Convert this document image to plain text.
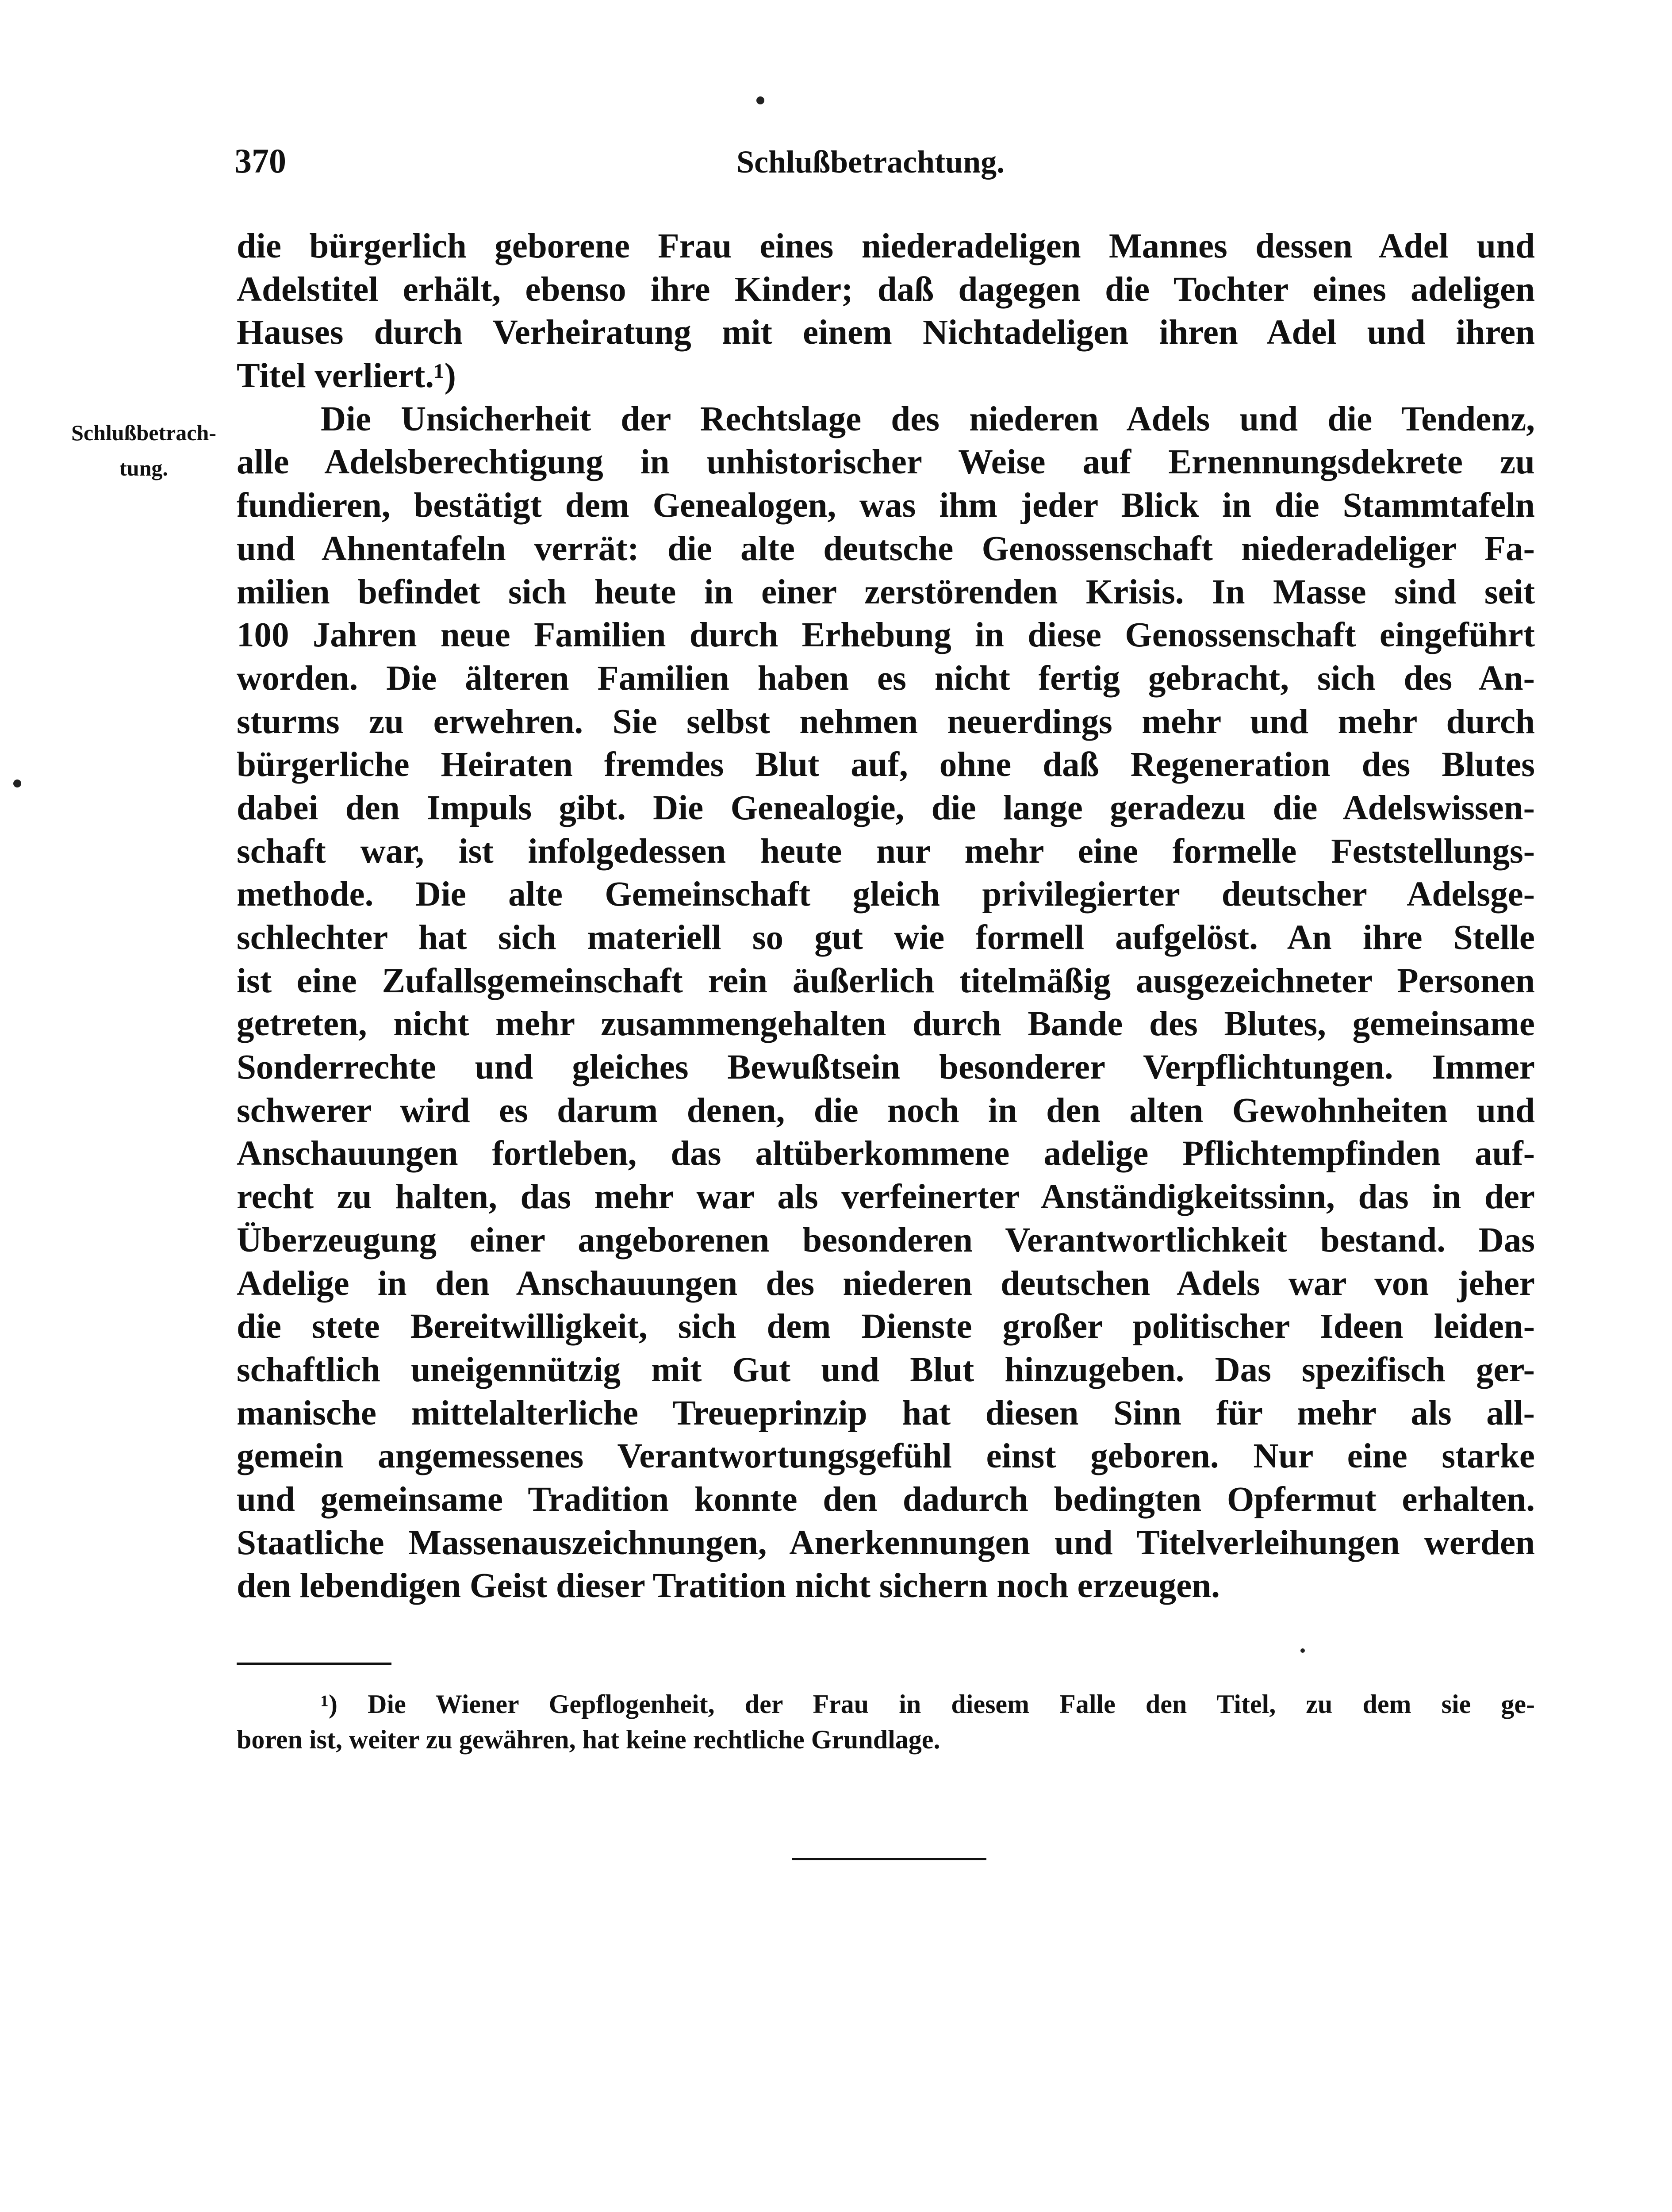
370	Schlußbetrachtung.
Schlußbetrach-
tung.
die bürgerlich geborene Frau eines niederadeligen Mannes dessen Adel und
Adelstitel erhält, ebenso ihre Kinder; daß dagegen die Tochter eines adeligen
Hauses durch Verheiratung mit einem Nichtadeligen ihren Adel und ihren
Titel verliert.¹)
Die Unsicherheit der Rechtslage des niederen Adels und die Tendenz,
alle Adelsberechtigung in unhistorischer Weise auf Ernennungsdekrete zu
fundieren, bestätigt dem Genealogen, was ihm jeder Blick in die Stammtafeln
und Ahnentafeln verrät: die alte deutsche Genossenschaft niederadeliger Fa-
milien befindet sich heute in einer zerstörenden Krisis. In Masse sind seit
100 Jahren neue Familien durch Erhebung in diese Genossenschaft eingeführt
worden. Die älteren Familien haben es nicht fertig gebracht, sich des An-
sturms zu erwehren. Sie selbst nehmen neuerdings mehr und mehr durch
bürgerliche Heiraten fremdes Blut auf, ohne daß Regeneration des Blutes
dabei den Impuls gibt. Die Genealogie, die lange geradezu die Adelswissen-
schaft war, ist infolgedessen heute nur mehr eine formelle Feststellungs-
methode. Die alte Gemeinschaft gleich privilegierter deutscher Adelsge-
schlechter hat sich materiell so gut wie formell aufgelöst. An ihre Stelle
ist eine Zufallsgemeinschaft rein äußerlich titelmäßig ausgezeichneter Personen
getreten, nicht mehr zusammengehalten durch Bande des Blutes, gemeinsame
Sonderrechte und gleiches Bewußtsein besonderer Verpflichtungen. Immer
schwerer wird es darum denen, die noch in den alten Gewohnheiten und
Anschauungen fortleben, das altüberkommene adelige Pflichtempfinden auf-
recht zu halten, das mehr war als verfeinerter Anständigkeitssinn, das in der
Überzeugung einer angeborenen besonderen Verantwortlichkeit bestand. Das
Adelige in den Anschauungen des niederen deutschen Adels war von jeher
die stete Bereitwilligkeit, sich dem Dienste großer politischer Ideen leiden-
schaftlich uneigennützig mit Gut und Blut hinzugeben. Das spezifisch ger-
manische mittelalterliche Treueprinzip hat diesen Sinn für mehr als all-
gemein angemessenes Verantwortungsgefühl einst geboren. Nur eine starke
und gemeinsame Tradition konnte den dadurch bedingten Opfermut erhalten.
Staatliche Massenauszeichnungen, Anerkennungen und Titelverleihungen werden
den lebendigen Geist dieser Tratition nicht sichern noch erzeugen.
¹) Die Wiener Gepflogenheit, der Frau in diesem Falle den Titel, zu dem sie ge-
boren ist, weiter zu gewähren, hat keine rechtliche Grundlage.
